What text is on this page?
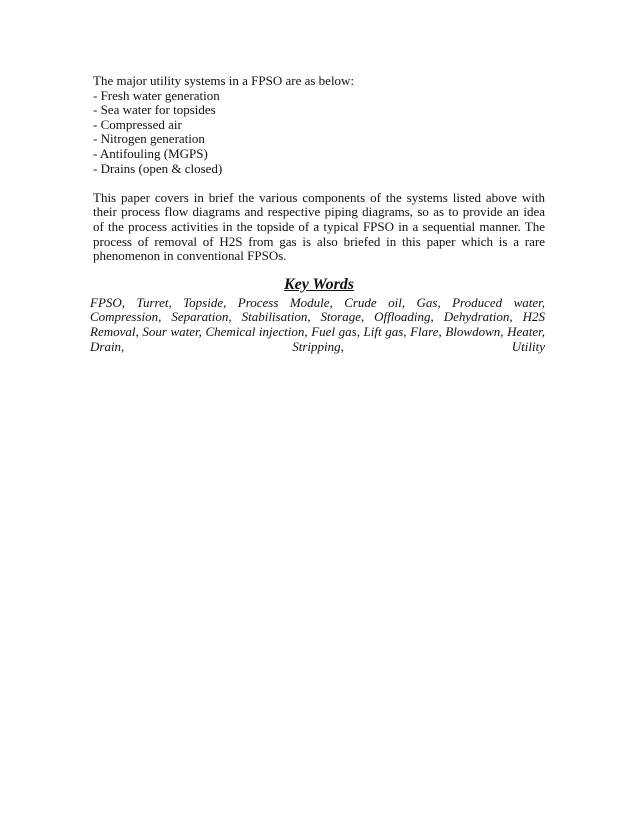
The major utility systems in a FPSO are as below:

- Fresh water generation
- Sea water for topsides
- Compressed air
- Nitrogen generation
- Antifouling (MGPS)
- Drains (open & closed)

This paper covers in brief the various components of the systems listed above with their process flow diagrams and respective piping diagrams, so as to provide an idea of the process activities in the topside of a typical FPSO in a sequential manner. The process of removal of H2S from gas is also briefed in this paper which is a rare phenomenon in conventional FPSOs.

Key Words

FPSO, Turret, Topside, Process Module, Crude oil, Gas, Produced water, Compression, Separation, Stabilisation, Storage, Offloading, Dehydration, H2S Removal, Sour water, Chemical injection, Fuel gas, Lift gas, Flare, Blowdown, Heater, Drain, Stripping, Utility
